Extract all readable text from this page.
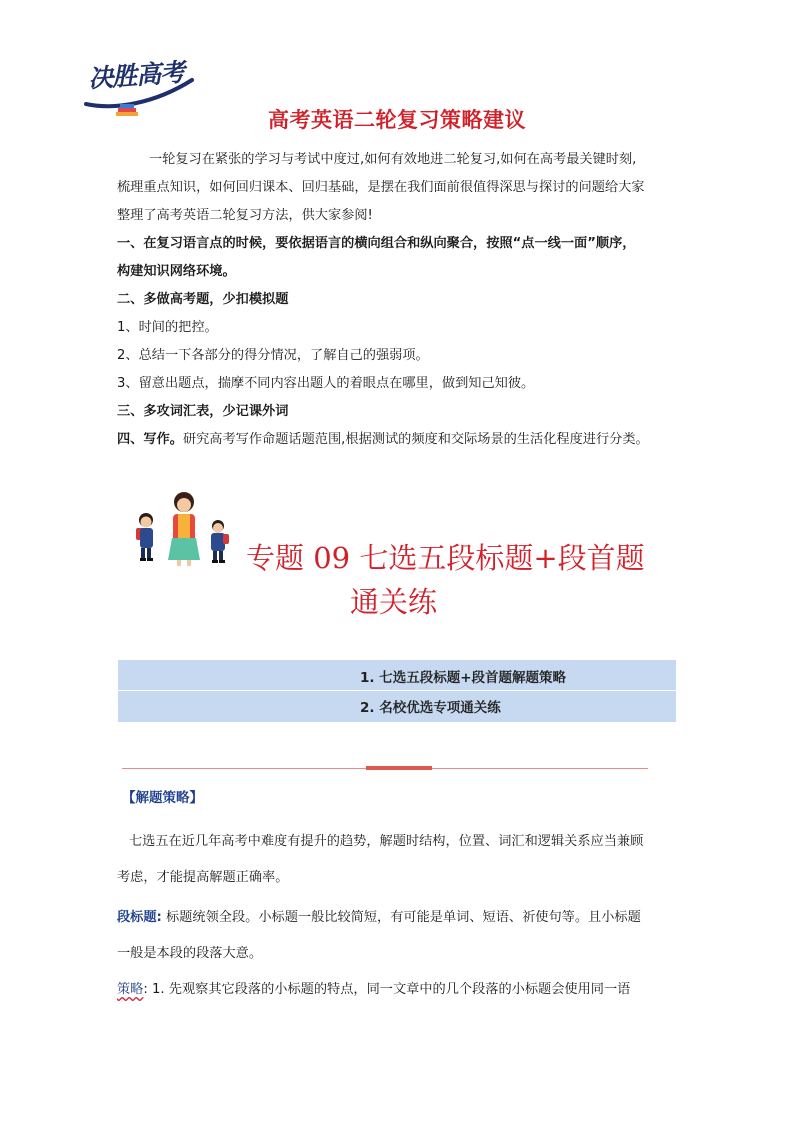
决胜高考
高考英语二轮复习策略建议
一轮复习在紧张的学习与考试中度过,如何有效地进二轮复习,如何在高考最关键时刻,
梳理重点知识，如何回归课本、回归基础，是摆在我们面前很值得深思与探讨的问题给大家
整理了高考英语二轮复习方法，供大家参阅!
一、在复习语言点的时候，要依据语言的横向组合和纵向聚合，按照“点一线一面”顺序，
构建知识网络环境。
二、多做高考题，少扣模拟题
1、时间的把控。
2、总结一下各部分的得分情况，了解自己的强弱项。
3、留意出题点，揣摩不同内容出题人的着眼点在哪里，做到知己知彼。
三、多攻词汇表，少记课外词
四、写作。研究高考写作命题话题范围,根据测试的频度和交际场景的生活化程度进行分类。
专题 09 七选五段标题+段首题
通关练
1. 七选五段标题+段首题解题策略
2. 名校优选专项通关练
【解题策略】
七选五在近几年高考中难度有提升的趋势，解题时结构，位置、词汇和逻辑关系应当兼顾
考虑，才能提高解题正确率。
段标题: 标题统领全段。小标题一般比较简短，有可能是单词、短语、祈使句等。且小标题
一般是本段的段落大意。
策略: 1. 先观察其它段落的小标题的特点，同一文章中的几个段落的小标题会使用同一语
